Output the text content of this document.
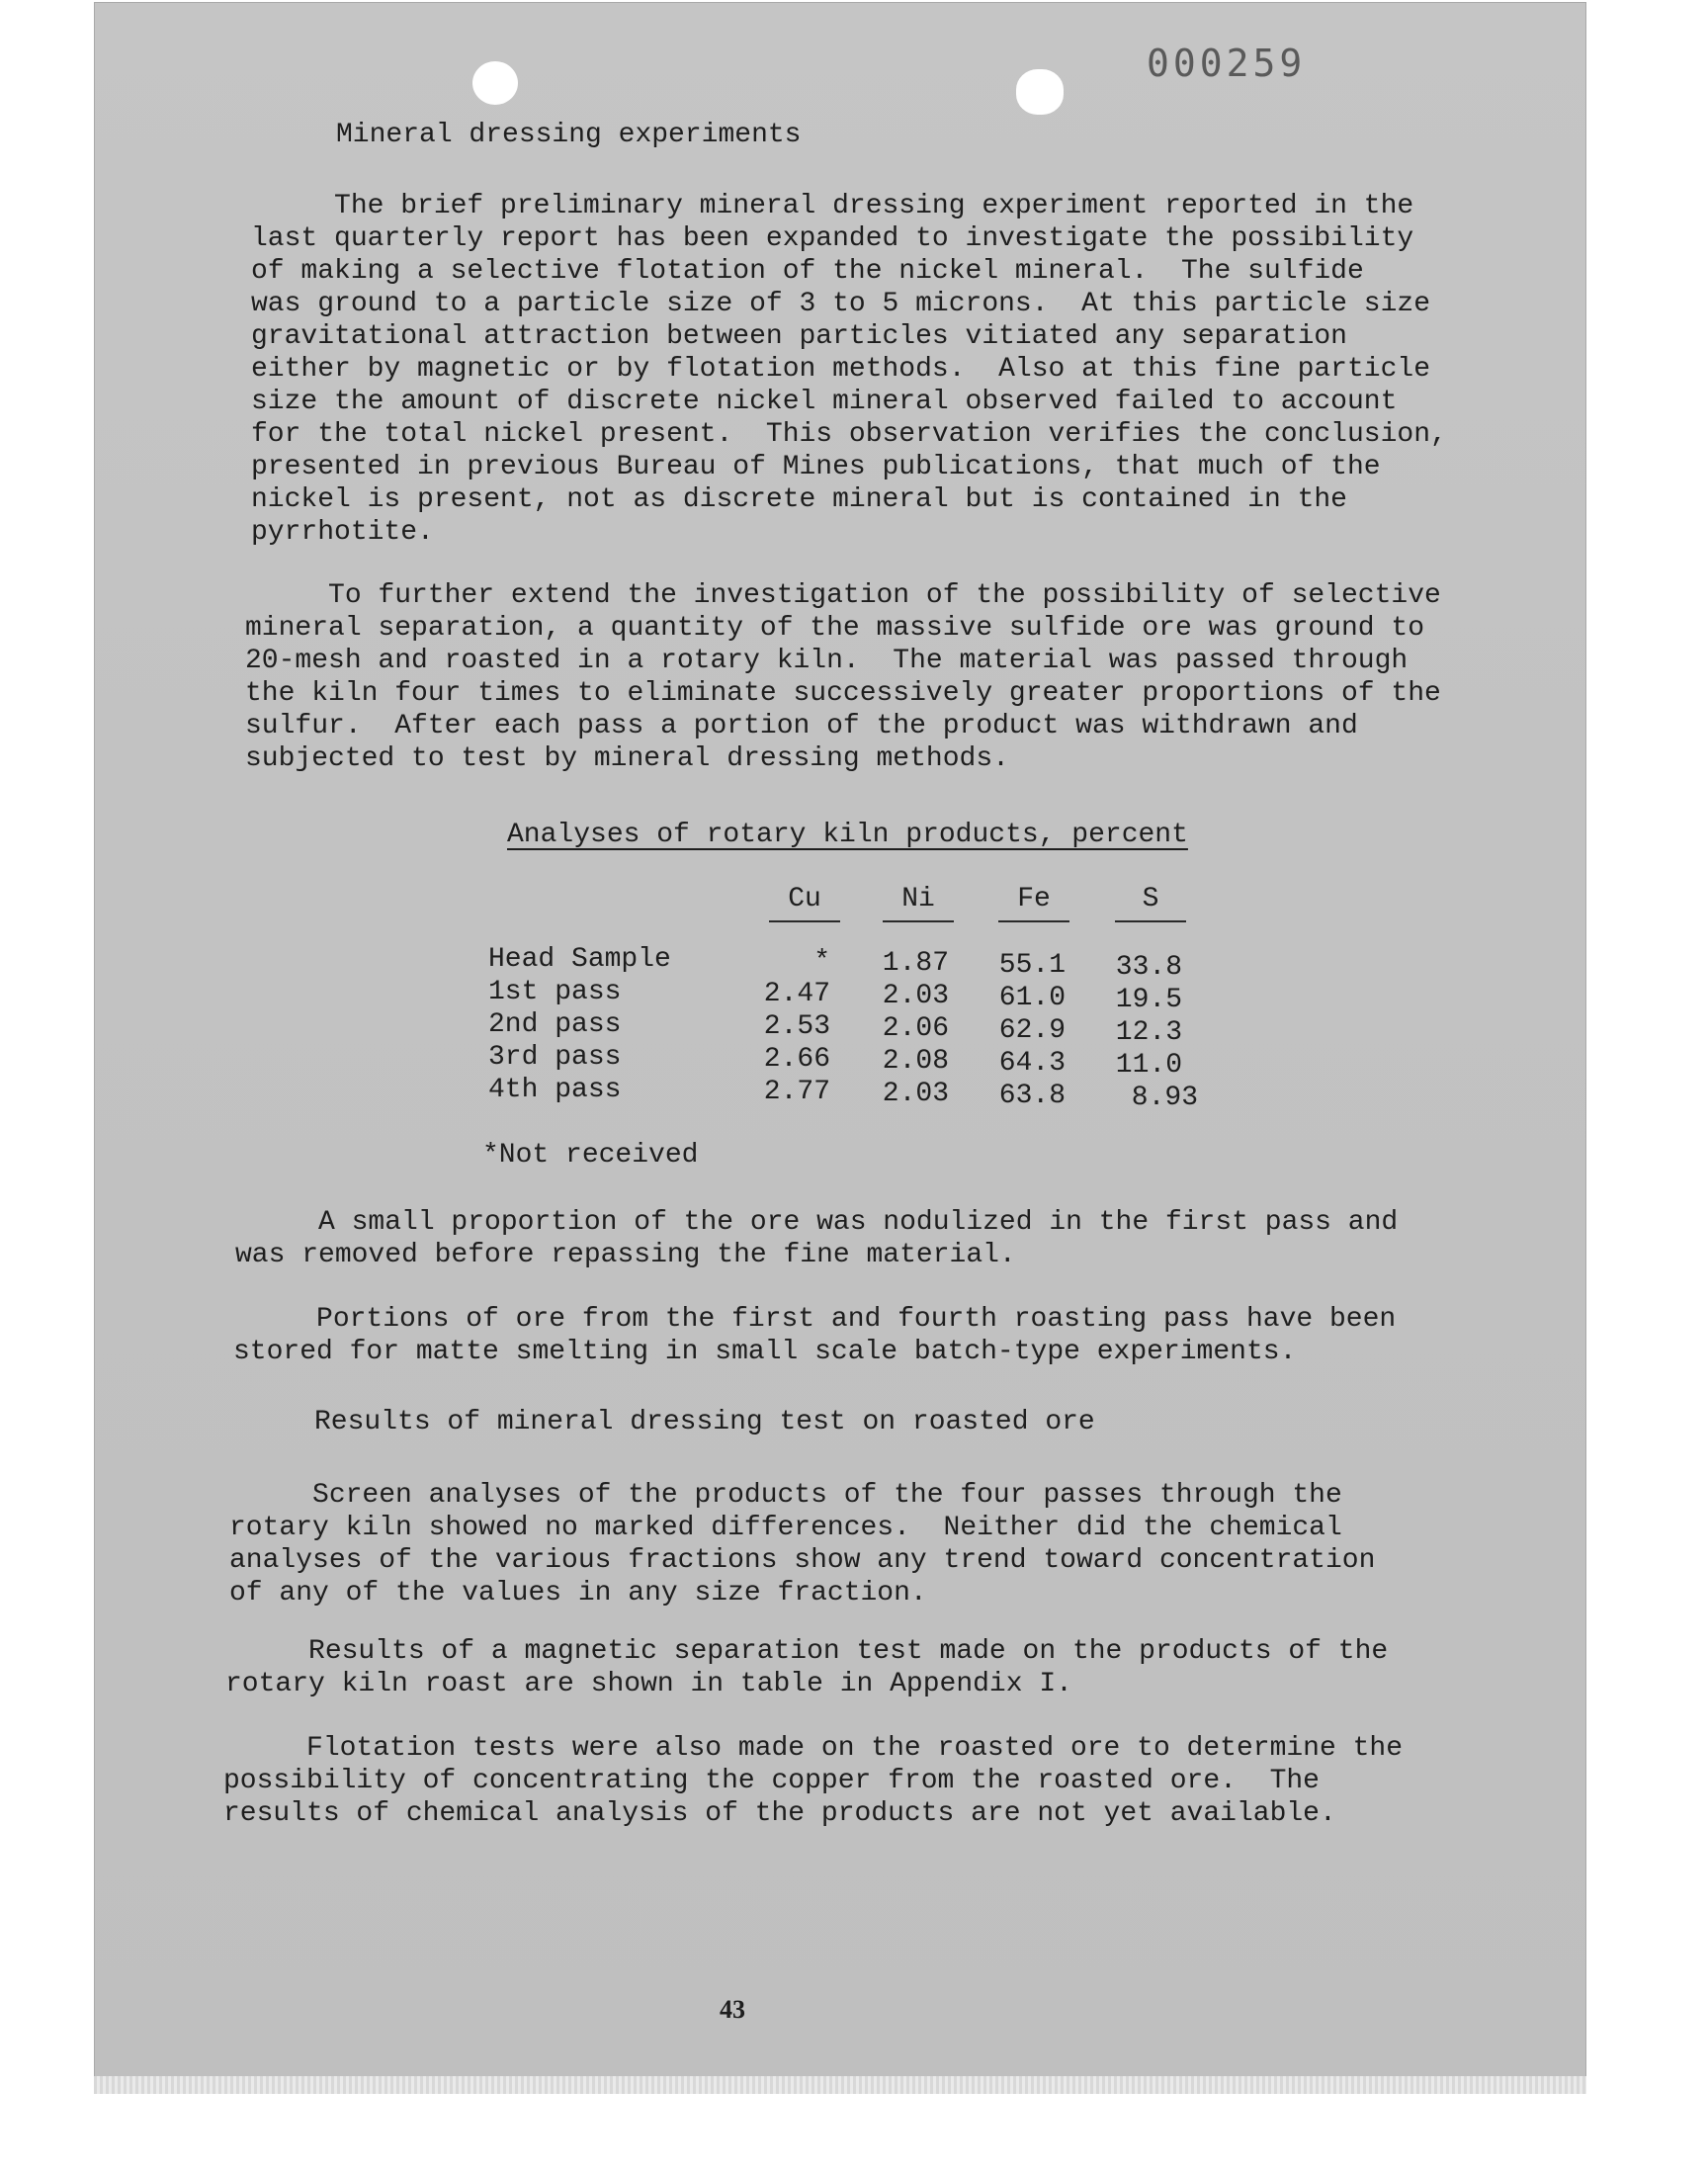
000259

Mineral dressing experiments

The brief preliminary mineral dressing experiment reported in the
last quarterly report has been expanded to investigate the possibility
of making a selective flotation of the nickel mineral.  The sulfide
was ground to a particle size of 3 to 5 microns.  At this particle size
gravitational attraction between particles vitiated any separation
either by magnetic or by flotation methods.  Also at this fine particle
size the amount of discrete nickel mineral observed failed to account
for the total nickel present.  This observation verifies the conclusion,
presented in previous Bureau of Mines publications, that much of the
nickel is present, not as discrete mineral but is contained in the
pyrrhotite.

To further extend the investigation of the possibility of selective
mineral separation, a quantity of the massive sulfide ore was ground to
20-mesh and roasted in a rotary kiln.  The material was passed through
the kiln four times to eliminate successively greater proportions of the
sulfur.  After each pass a portion of the product was withdrawn and
subjected to test by mineral dressing methods.

Analyses of rotary kiln products, percent

Cu	Ni	Fe	S
Head Sample	*	1.87	55.1	33.8
1st pass	2.47	2.03	61.0	19.5
2nd pass	2.53	2.06	62.9	12.3
3rd pass	2.66	2.08	64.3	11.0
4th pass	2.77	2.03	63.8	8.93

*Not received

A small proportion of the ore was nodulized in the first pass and
was removed before repassing the fine material.

Portions of ore from the first and fourth roasting pass have been
stored for matte smelting in small scale batch-type experiments.

Results of mineral dressing test on roasted ore

Screen analyses of the products of the four passes through the
rotary kiln showed no marked differences.  Neither did the chemical
analyses of the various fractions show any trend toward concentration
of any of the values in any size fraction.

Results of a magnetic separation test made on the products of the
rotary kiln roast are shown in table in Appendix I.

Flotation tests were also made on the roasted ore to determine the
possibility of concentrating the copper from the roasted ore.  The
results of chemical analysis of the products are not yet available.

43
